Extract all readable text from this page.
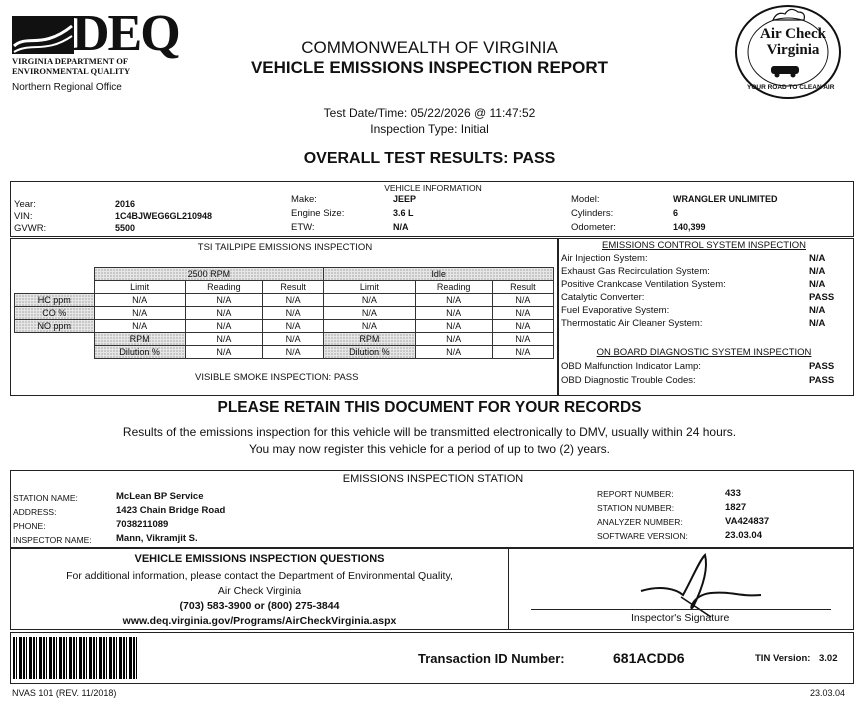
DEQ
VIRGINIA DEPARTMENT OF
ENVIRONMENTAL QUALITY
Northern Regional Office
COMMONWEALTH OF VIRGINIA
VEHICLE EMISSIONS INSPECTION REPORT
Air Check
Virginia
YOUR ROAD TO CLEAN AIR
Test Date/Time: 05/22/2026 @ 11:47:52
Inspection Type: Initial
OVERALL TEST RESULTS: PASS
VEHICLE INFORMATION
Year:	2016
VIN:	1C4BJWEG6GL210948
GVWR:	5500
Make:	JEEP
Engine Size:	3.6 L
ETW:	N/A
Model:	WRANGLER UNLIMITED
Cylinders:	6
Odometer:	140,399
TSI TAILPIPE EMISSIONS INSPECTION
	2500 RPM			Idle		
	Limit	Reading	Result	Limit	Reading	Result
HC ppm	N/A	N/A	N/A	N/A	N/A	N/A
CO %	N/A	N/A	N/A	N/A	N/A	N/A
NO ppm	N/A	N/A	N/A	N/A	N/A	N/A
	RPM	N/A	N/A	RPM	N/A	N/A
	Dilution %	N/A	N/A	Dilution %	N/A	N/A
VISIBLE SMOKE INSPECTION: PASS
EMISSIONS CONTROL SYSTEM INSPECTION
Air Injection System:	N/A
Exhaust Gas Recirculation System:	N/A
Positive Crankcase Ventilation System:	N/A
Catalytic Converter:	PASS
Fuel Evaporative System:	N/A
Thermostatic Air Cleaner System:	N/A
ON BOARD DIAGNOSTIC SYSTEM INSPECTION
OBD Malfunction Indicator Lamp:	PASS
OBD Diagnostic Trouble Codes:	PASS
PLEASE RETAIN THIS DOCUMENT FOR YOUR RECORDS
Results of the emissions inspection for this vehicle will be transmitted electronically to DMV, usually within 24 hours.
You may now register this vehicle for a period of up to two (2) years.
EMISSIONS INSPECTION STATION
STATION NAME:	McLean BP Service
ADDRESS:	1423 Chain Bridge Road
PHONE:	7038211089
INSPECTOR NAME:	Mann, Vikramjit S.
REPORT NUMBER:	433
STATION NUMBER:	1827
ANALYZER NUMBER:	VA424837
SOFTWARE VERSION:	23.03.04
VEHICLE EMISSIONS INSPECTION QUESTIONS
For additional information, please contact the Department of Environmental Quality,
Air Check Virginia
(703) 583-3900 or (800) 275-3844
www.deq.virginia.gov/Programs/AirCheckVirginia.aspx	Inspector's Signature
Transaction ID Number:	681ACDD6	TIN Version: 3.02
NVAS 101 (REV. 11/2018)	23.03.04
